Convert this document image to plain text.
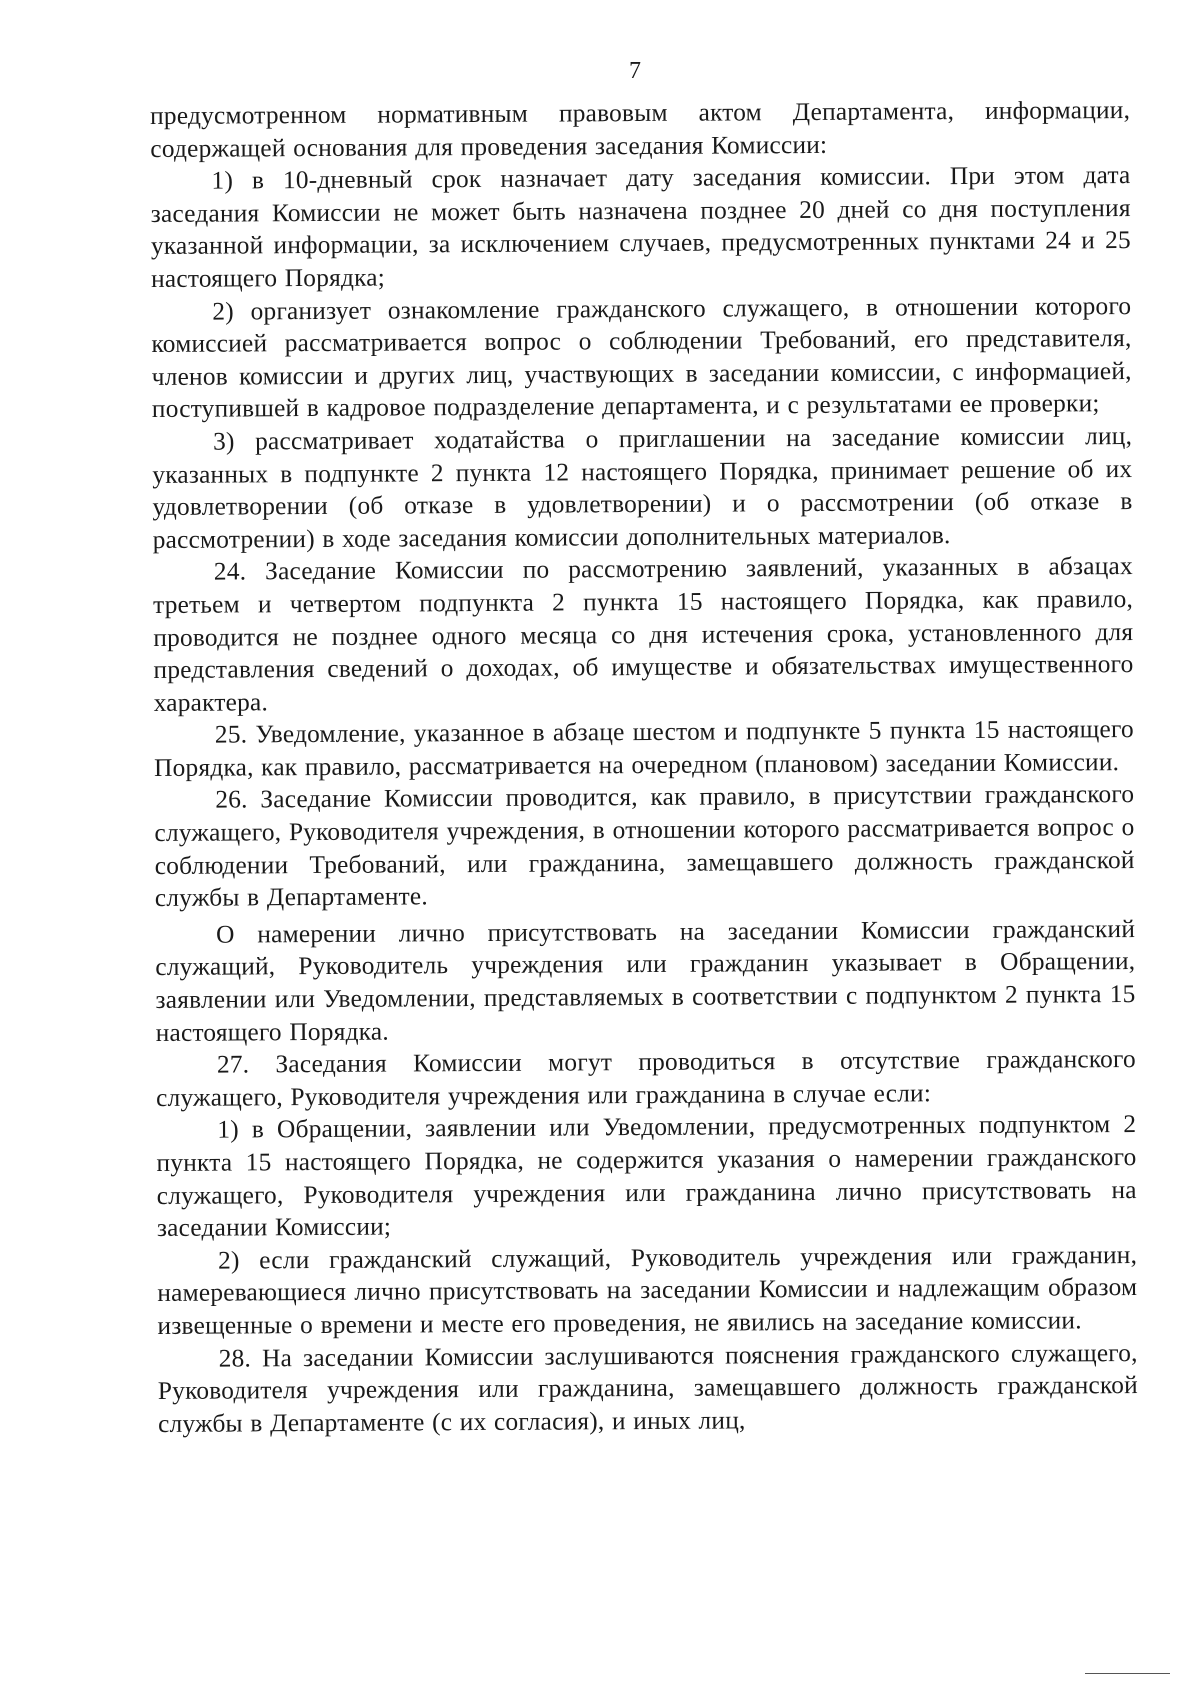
7

предусмотренном нормативным правовым актом Департамента, информации, содержащей основания для проведения заседания Комиссии:

1) в 10-дневный срок назначает дату заседания комиссии. При этом дата заседания Комиссии не может быть назначена позднее 20 дней со дня поступления указанной информации, за исключением случаев, предусмотренных пунктами 24 и 25 настоящего Порядка;

2) организует ознакомление гражданского служащего, в отношении которого комиссией рассматривается вопрос о соблюдении Требований, его представителя, членов комиссии и других лиц, участвующих в заседании комиссии, с информацией, поступившей в кадровое подразделение департамента, и с результатами ее проверки;

3) рассматривает ходатайства о приглашении на заседание комиссии лиц, указанных в подпункте 2 пункта 12 настоящего Порядка, принимает решение об их удовлетворении (об отказе в удовлетворении) и о рассмотрении (об отказе в рассмотрении) в ходе заседания комиссии дополнительных материалов.

24. Заседание Комиссии по рассмотрению заявлений, указанных в абзацах третьем и четвертом подпункта 2 пункта 15 настоящего Порядка, как правило, проводится не позднее одного месяца со дня истечения срока, установленного для представления сведений о доходах, об имуществе и обязательствах имущественного характера.

25. Уведомление, указанное в абзаце шестом и подпункте 5 пункта 15 настоящего Порядка, как правило, рассматривается на очередном (плановом) заседании Комиссии.

26. Заседание Комиссии проводится, как правило, в присутствии гражданского служащего, Руководителя учреждения, в отношении которого рассматривается вопрос о соблюдении Требований, или гражданина, замещавшего должность гражданской службы в Департаменте.

О намерении лично присутствовать на заседании Комиссии гражданский служащий, Руководитель учреждения или гражданин указывает в Обращении, заявлении или Уведомлении, представляемых в соответствии с подпунктом 2 пункта 15 настоящего Порядка.

27. Заседания Комиссии могут проводиться в отсутствие гражданского служащего, Руководителя учреждения или гражданина в случае если:

1) в Обращении, заявлении или Уведомлении, предусмотренных подпунктом 2 пункта 15 настоящего Порядка, не содержится указания о намерении гражданского служащего, Руководителя учреждения или гражданина лично присутствовать на заседании Комиссии;

2) если гражданский служащий, Руководитель учреждения или гражданин, намеревающиеся лично присутствовать на заседании Комиссии и надлежащим образом извещенные о времени и месте его проведения, не явились на заседание комиссии.

28. На заседании Комиссии заслушиваются пояснения гражданского служащего, Руководителя учреждения или гражданина, замещавшего должность гражданской службы в Департаменте (с их согласия), и иных лиц,
